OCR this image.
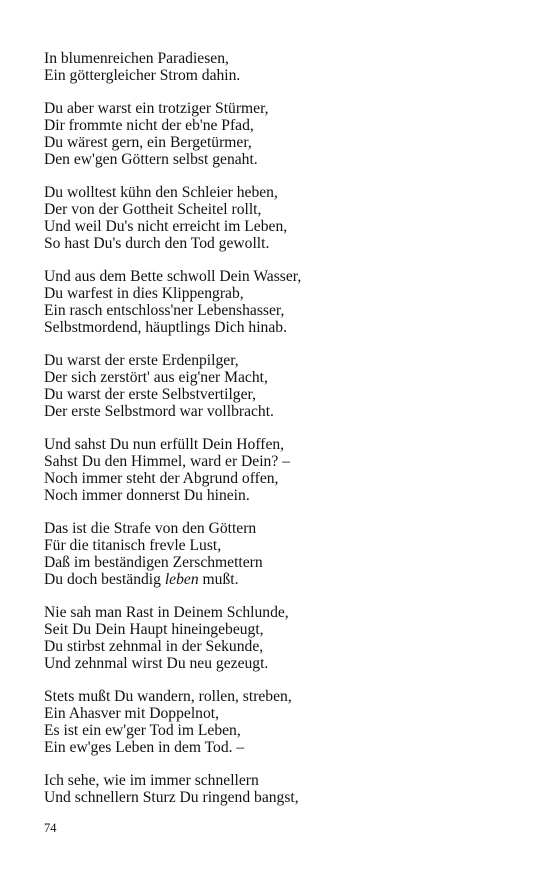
In blumenreichen Paradiesen,
Ein göttergleicher Strom dahin.
Du aber warst ein trotziger Stürmer,
Dir frommte nicht der eb'ne Pfad,
Du wärest gern, ein Bergetürmer,
Den ew'gen Göttern selbst genaht.
Du wolltest kühn den Schleier heben,
Der von der Gottheit Scheitel rollt,
Und weil Du's nicht erreicht im Leben,
So hast Du's durch den Tod gewollt.
Und aus dem Bette schwoll Dein Wasser,
Du warfest in dies Klippengrab,
Ein rasch entschloss'ner Lebenshasser,
Selbstmordend, häuptlings Dich hinab.
Du warst der erste Erdenpilger,
Der sich zerstört' aus eig'ner Macht,
Du warst der erste Selbstvertilger,
Der erste Selbstmord war vollbracht.
Und sahst Du nun erfüllt Dein Hoffen,
Sahst Du den Himmel, ward er Dein? –
Noch immer steht der Abgrund offen,
Noch immer donnerst Du hinein.
Das ist die Strafe von den Göttern
Für die titanisch frevle Lust,
Daß im beständigen Zerschmettern
Du doch beständig leben mußt.
Nie sah man Rast in Deinem Schlunde,
Seit Du Dein Haupt hineingebeugt,
Du stirbst zehnmal in der Sekunde,
Und zehnmal wirst Du neu gezeugt.
Stets mußt Du wandern, rollen, streben,
Ein Ahasver mit Doppelnot,
Es ist ein ew'ger Tod im Leben,
Ein ew'ges Leben in dem Tod. –
Ich sehe, wie im immer schnellern
Und schnellern Sturz Du ringend bangst,
74
